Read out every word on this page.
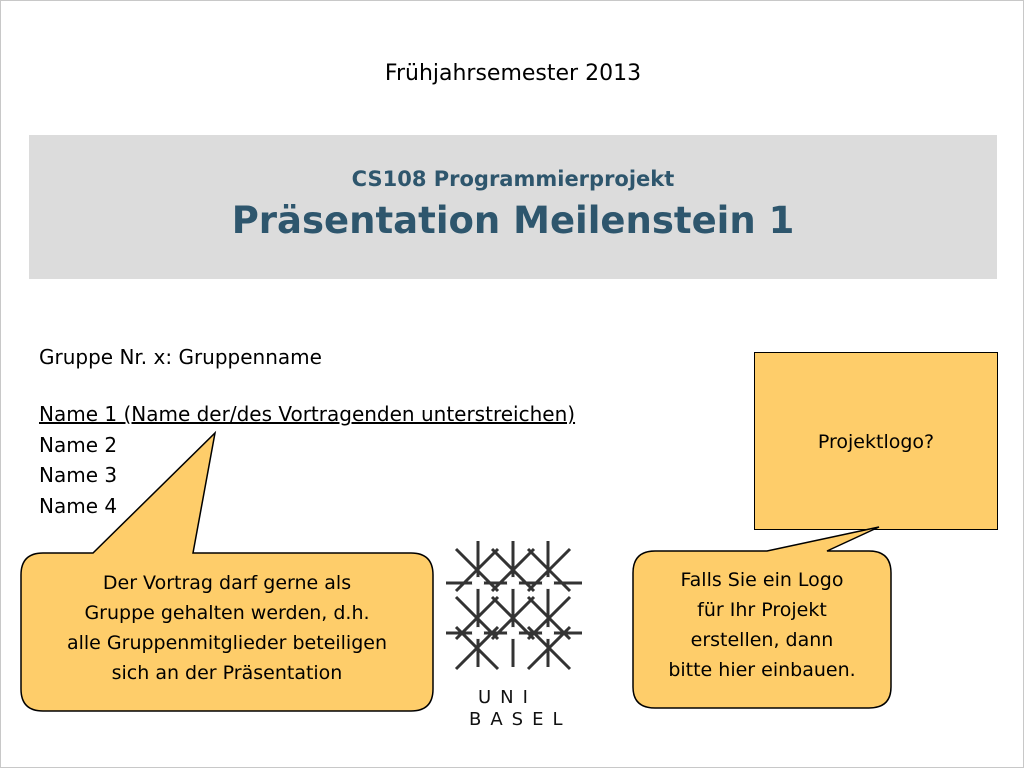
Frühjahrsemester 2013
CS108 Programmierprojekt
Präsentation Meilenstein 1
Gruppe Nr. x: Gruppenname
Name 1 (Name der/des Vortragenden unterstreichen)
Name 2
Name 3
Name 4
Projektlogo?
Der Vortrag darf gerne als
Gruppe gehalten werden, d.h.
alle Gruppenmitglieder beteiligen
sich an der Präsentation
Falls Sie ein Logo
für Ihr Projekt
erstellen, dann
bitte hier einbauen.
UNI
BASEL
